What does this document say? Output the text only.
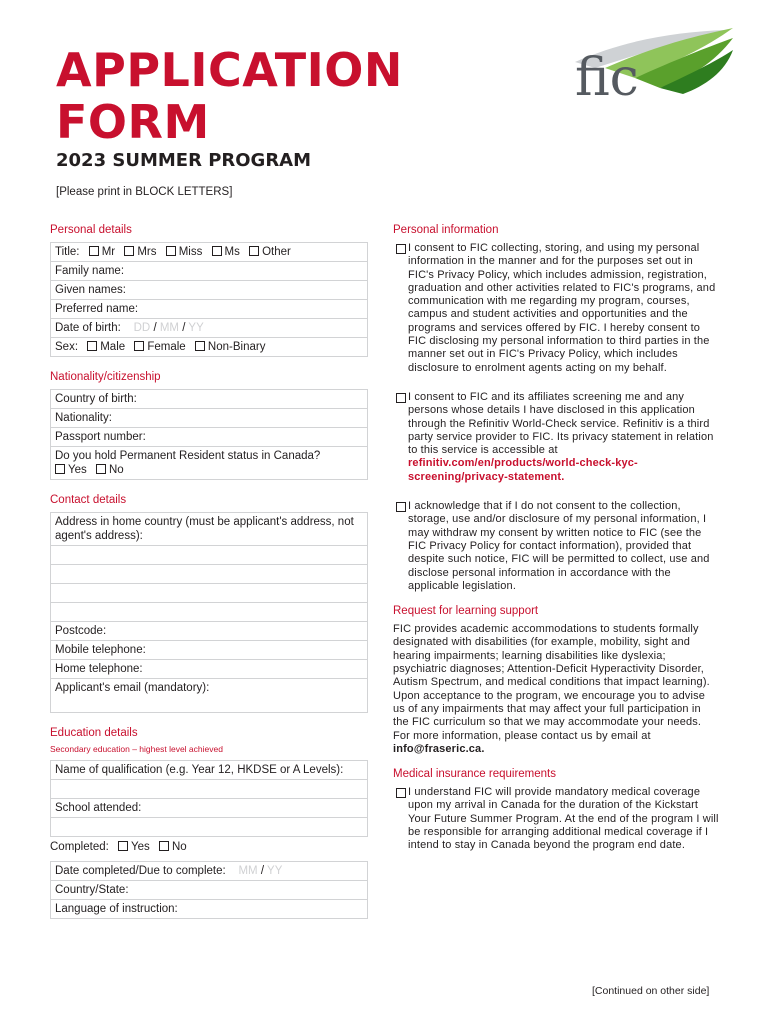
APPLICATION
FORM
2023 SUMMER PROGRAM
[Please print in BLOCK LETTERS]
fic
Personal details
Title: Mr Mrs Miss Ms Other
Family name:
Given names:
Preferred name:
Date of birth: DD / MM / YY
Sex: Male Female Non-Binary
Nationality/citizenship
Country of birth:
Nationality:
Passport number:
Do you hold Permanent Resident status in Canada?
Yes No
Contact details
Address in home country (must be applicant's address, not agent's address):
Postcode:
Mobile telephone:
Home telephone:
Applicant's email (mandatory):
Education details
Secondary education – highest level achieved
Name of qualification (e.g. Year 12, HKDSE or A Levels):
School attended:
Completed: Yes No
Date completed/Due to complete: MM / YY
Country/State:
Language of instruction:
Personal information
I consent to FIC collecting, storing, and using my personal information in the manner and for the purposes set out in FIC's Privacy Policy, which includes admission, registration, graduation and other activities related to FIC's programs, and communication with me regarding my program, courses, campus and student activities and opportunities and the programs and services offered by FIC. I hereby consent to FIC disclosing my personal information to third parties in the manner set out in FIC's Privacy Policy, which includes disclosure to enrolment agents acting on my behalf.
I consent to FIC and its affiliates screening me and any persons whose details I have disclosed in this application through the Refinitiv World-Check service. Refinitiv is a third party service provider to FIC. Its privacy statement in relation to this service is accessible at refinitiv.com/en/products/world-check-kyc-screening/privacy-statement.
I acknowledge that if I do not consent to the collection, storage, use and/or disclosure of my personal information, I may withdraw my consent by written notice to FIC (see the FIC Privacy Policy for contact information), provided that despite such notice, FIC will be permitted to collect, use and disclose personal information in accordance with the applicable legislation.
Request for learning support
FIC provides academic accommodations to students formally designated with disabilities (for example, mobility, sight and hearing impairments; learning disabilities like dyslexia; psychiatric diagnoses; Attention-Deficit Hyperactivity Disorder, Autism Spectrum, and medical conditions that impact learning). Upon acceptance to the program, we encourage you to advise us of any impairments that may affect your full participation in the FIC curriculum so that we may accommodate your needs. For more information, please contact us by email at info@fraseric.ca.
Medical insurance requirements
I understand FIC will provide mandatory medical coverage upon my arrival in Canada for the duration of the Kickstart Your Future Summer Program. At the end of the program I will be responsible for arranging additional medical coverage if I intend to stay in Canada beyond the program end date.
[Continued on other side]
